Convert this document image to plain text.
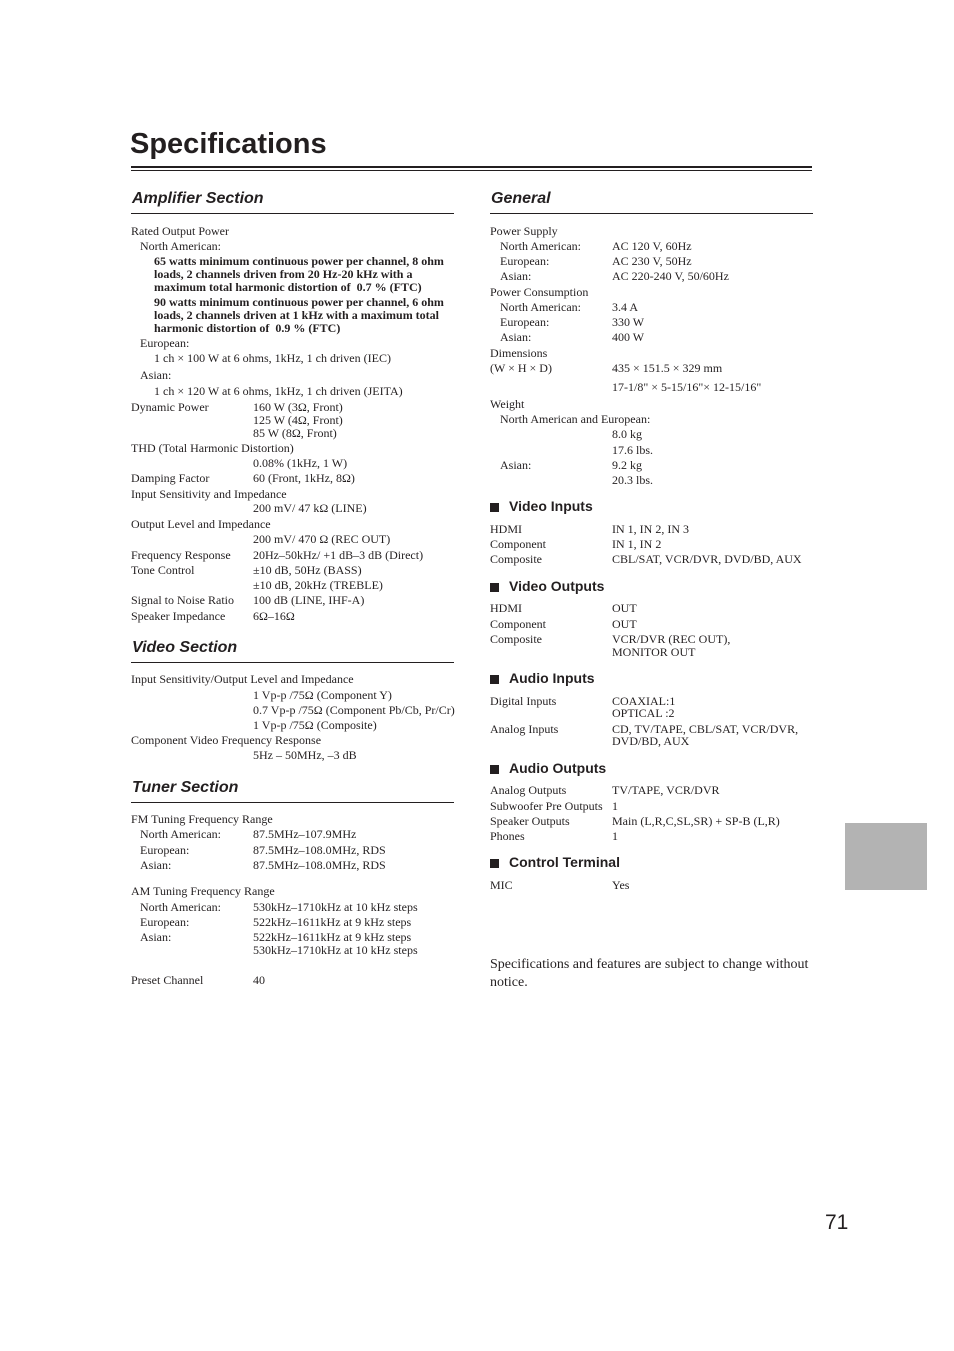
Specifications
Amplifier Section
Rated Output Power
North American:
65 watts minimum continuous power per channel, 8 ohm
loads, 2 channels driven from 20 Hz-20 kHz with a
maximum total harmonic distortion of  0.7 % (FTC)
90 watts minimum continuous power per channel, 6 ohm
loads, 2 channels driven at 1 kHz with a maximum total
harmonic distortion of  0.9 % (FTC)
European:
1 ch × 100 W at 6 ohms, 1kHz, 1 ch driven (IEC)
Asian:
1 ch × 120 W at 6 ohms, 1kHz, 1 ch driven (JEITA)
Dynamic Power	160 W (3Ω, Front)
125 W (4Ω, Front)
85 W (8Ω, Front)
THD (Total Harmonic Distortion)
0.08% (1kHz, 1 W)
Damping Factor	60 (Front, 1kHz, 8Ω)
Input Sensitivity and Impedance
200 mV/ 47 kΩ (LINE)
Output Level and Impedance
200 mV/ 470 Ω (REC OUT)
Frequency Response 20Hz–50kHz/ +1 dB–3 dB (Direct)
Tone Control	±10 dB, 50Hz (BASS)
±10 dB, 20kHz (TREBLE)
Signal to Noise Ratio 100 dB (LINE, IHF-A)
Speaker Impedance 6Ω–16Ω
Video Section
Input Sensitivity/Output Level and Impedance
1 Vp-p /75Ω (Component Y)
0.7 Vp-p /75Ω (Component Pb/Cb, Pr/Cr)
1 Vp-p /75Ω (Composite)
Component Video Frequency Response
5Hz – 50MHz, –3 dB
Tuner Section
FM Tuning Frequency Range
North American:	87.5MHz–107.9MHz
European:	87.5MHz–108.0MHz, RDS
Asian:	87.5MHz–108.0MHz, RDS
AM Tuning Frequency Range
North American:	530kHz–1710kHz at 10 kHz steps
European:	522kHz–1611kHz at 9 kHz steps
Asian:	522kHz–1611kHz at 9 kHz steps
530kHz–1710kHz at 10 kHz steps
Preset Channel	40
General
Power Supply
North American:	AC 120 V, 60Hz
European:	AC 230 V, 50Hz
Asian:	AC 220-240 V, 50/60Hz
Power Consumption
North American:	3.4 A
European:	330 W
Asian:	400 W
Dimensions
(W × H × D)	435 × 151.5 × 329 mm
17-1/8" × 5-15/16"× 12-15/16"
Weight
North American and European:
8.0 kg
17.6 lbs.
Asian:	9.2 kg
20.3 lbs.
Video Inputs
HDMI	IN 1, IN 2, IN 3
Component	IN 1, IN 2
Composite	CBL/SAT, VCR/DVR, DVD/BD, AUX
Video Outputs
HDMI	OUT
Component	OUT
Composite	VCR/DVR (REC OUT),
MONITOR OUT
Audio Inputs
Digital Inputs	COAXIAL:1
OPTICAL :2
Analog Inputs	CD, TV/TAPE, CBL/SAT, VCR/DVR,
DVD/BD, AUX
Audio Outputs
Analog Outputs	TV/TAPE, VCR/DVR
Subwoofer Pre Outputs 1
Speaker Outputs	Main (L,R,C,SL,SR) + SP-B (L,R)
Phones	1
Control Terminal
MIC	Yes
Specifications and features are subject to change without
notice.
71
